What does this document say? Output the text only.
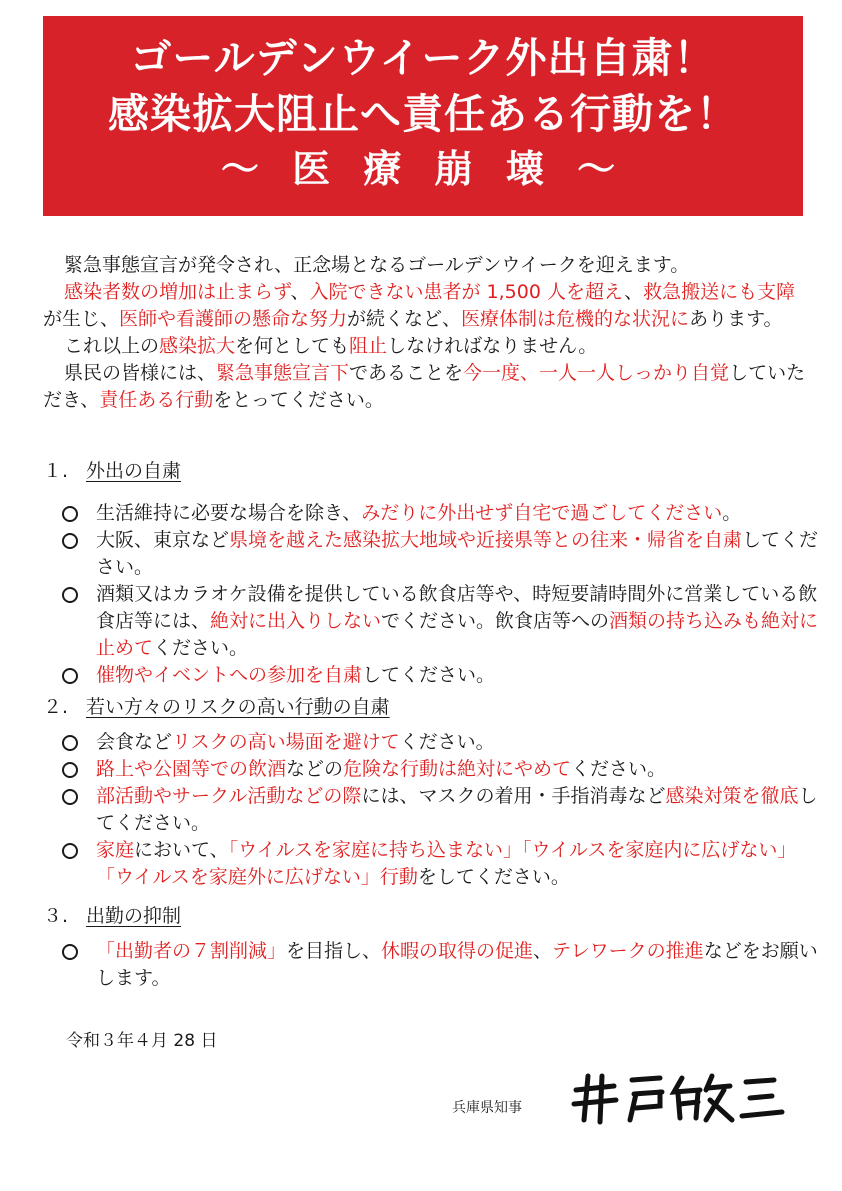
ゴールデンウイーク外出自粛！
感染拡大阻止へ責任ある行動を！
～ 医 療 崩 壊 ～

緊急事態宣言が発令され、正念場となるゴールデンウイークを迎えます。

感染者数の増加は止まらず、入院できない患者が 1,500 人を超え、救急搬送にも支障が生じ、医師や看護師の懸命な努力が続くなど、医療体制は危機的な状況にあります。

これ以上の感染拡大を何としても阻止しなければなりません。

県民の皆様には、緊急事態宣言下であることを今一度、一人一人しっかり自覚していただき、責任ある行動をとってください。

１. 外出の自粛
生活維持に必要な場合を除き、みだりに外出せず自宅で過ごしてください。
大阪、東京など県境を越えた感染拡大地域や近接県等との往来・帰省を自粛してください。
酒類又はカラオケ設備を提供している飲食店等や、時短要請時間外に営業している飲食店等には、絶対に出入りしないでください。飲食店等への酒類の持ち込みも絶対に止めてください。
催物やイベントへの参加を自粛してください。
２. 若い方々のリスクの高い行動の自粛
会食などリスクの高い場面を避けてください。
路上や公園等での飲酒などの危険な行動は絶対にやめてください。
部活動やサークル活動などの際には、マスクの着用・手指消毒など感染対策を徹底してください。
家庭において、「ウイルスを家庭に持ち込まない」「ウイルスを家庭内に広げない」「ウイルスを家庭外に広げない」行動をしてください。
３. 出勤の抑制
「出勤者の７割削減」を目指し、休暇の取得の促進、テレワークの推進などをお願いします。
令和３年４月 28 日
兵庫県知事
